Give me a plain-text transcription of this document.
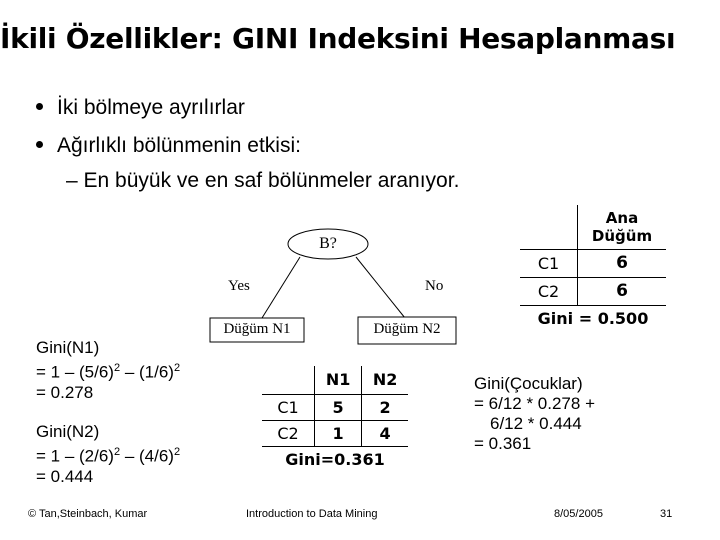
İkili Özellikler: GINI Indeksini Hesaplanması
İki bölmeye ayrılırlar
Ağırlıklı bölünmenin etkisi:
– En büyük ve en saf bölünmeler aranıyor.
B?
Yes	No
Düğüm N1	Düğüm N2
	Ana Düğüm
C1	6
C2	6
Gini = 0.500	
	N1	N2
C1	5	2
C2	1	4
Gini=0.361		
Gini(N1)
= $1 - (5/6)^2 - (1/6)^2$
= 0.278
Gini(N2)
= $1 - (2/6)^2 - (4/6)^2$
= 0.444
Gini(Çocuklar)
= 6/12 * 0.278 +
6/12 * 0.444
= 0.361
© Tan,Steinbach, Kumar	Introduction to Data Mining	8/05/2005	31
